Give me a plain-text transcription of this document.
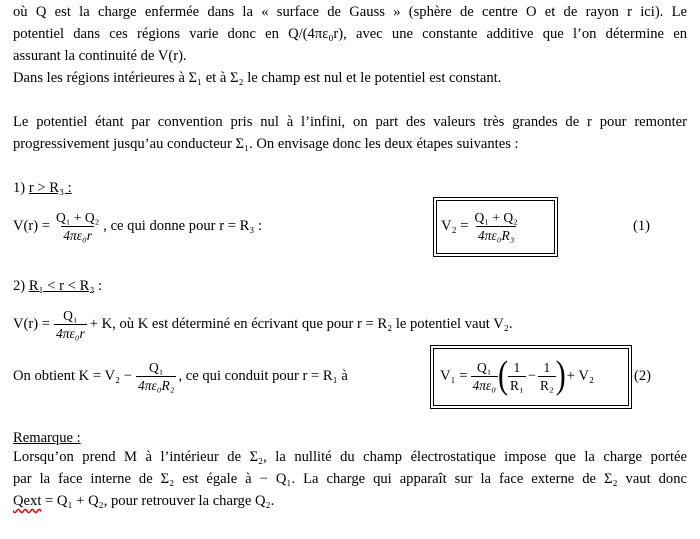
où Q est la charge enfermée dans la « surface de Gauss » (sphère de centre O et de rayon r ici). Le
potentiel dans ces régions varie donc en Q/(4πε₀r), avec une constante additive que l’on détermine en
assurant la continuité de V(r).
Dans les régions intérieures à Σ₁ et à Σ₂ le champ est nul et le potentiel est constant.
Le potentiel étant par convention pris nul à l’infini, on part des valeurs très grandes de r pour remonter
progressivement jusqu’au conducteur Σ₁. On envisage donc les deux étapes suivantes :
1) r > R₃ :
$V(r) = \frac{\text{Q₁ + Q₂}}{\text{4πε₀r}}$ , ce qui donne pour r = R₃ :	$V_2 = \frac{\text{Q₁ + Q₂}}{\text{4πε₀R₃}}$	(1)
2) R₁ < r < R₂ :
$V(r) = \frac{\text{Q₁}}{\text{4πε₀r}} + K$, où K est déterminé en écrivant que pour r = R₂ le potentiel vaut V₂.
On obtient $K = V_2 - \frac{\text{Q₁}}{\text{4πε₀R₂}}$ , ce qui conduit pour r = R₁ à	$V_1 = \frac{\text{Q₁}}{\text{4πε₀}}$ ( $\frac{1}{\text{R₁}} - \frac{1}{\text{R₂}}$ ) + V₂	(2)
Remarque :
Lorsqu’on prend M à l’intérieur de Σ₂, la nullité du champ électrostatique impose que la charge portée
par la face interne de Σ₂ est égale à − Q₁. La charge qui apparaît sur la face externe de Σ₂ vaut donc
Qext = Q₁ + Q₂, pour retrouver la charge Q₂.
